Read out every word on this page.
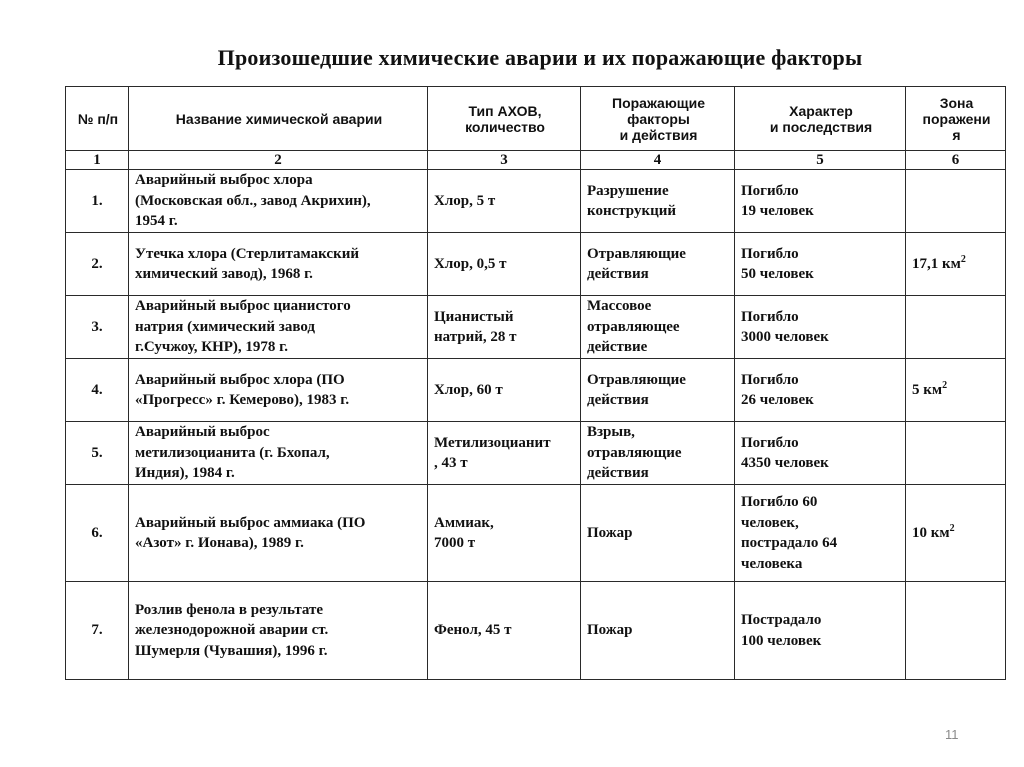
Произошедшие химические аварии и их поражающие факторы
№ п/п	Название химической аварии	Тип АХОВ,
количество	Поражающие
факторы
и действия	Характер
и последствия	Зона
поражени
я
1	2	3	4	5	6
1.	Аварийный выброс хлора
(Московская обл., завод Акрихин),
1954 г.	Хлор, 5 т	Разрушение
конструкций	Погибло
19 человек	
2.	Утечка хлора (Стерлитамакский
химический завод), 1968 г.	Хлор, 0,5 т	Отравляющие
действия	Погибло
50 человек	17,1 $км^2$
3.	Аварийный выброс цианистого
натрия (химический завод
г.Сучжоу, КНР), 1978 г.	Цианистый
натрий, 28 т	Массовое
отравляющее
действие	Погибло
3000 человек	
4.	Аварийный выброс хлора (ПО
«Прогресс» г. Кемерово), 1983 г.	Хлор, 60 т	Отравляющие
действия	Погибло
26 человек	5 $км^2$
5.	Аварийный выброс
метилизоцианита (г. Бхопал,
Индия), 1984 г.	Метилизоцианит
, 43 т	Взрыв,
отравляющие
действия	Погибло
4350 человек	
6.	Аварийный выброс аммиака (ПО
«Азот» г. Ионава), 1989 г.	Аммиак,
7000 т	Пожар	Погибло 60
человек,
пострадало 64
человека	10 $км^2$
7.	Розлив фенола в результате
железнодорожной аварии ст.
Шумерля (Чувашия), 1996 г.	Фенол, 45 т	Пожар	Пострадало
100 человек	
11
